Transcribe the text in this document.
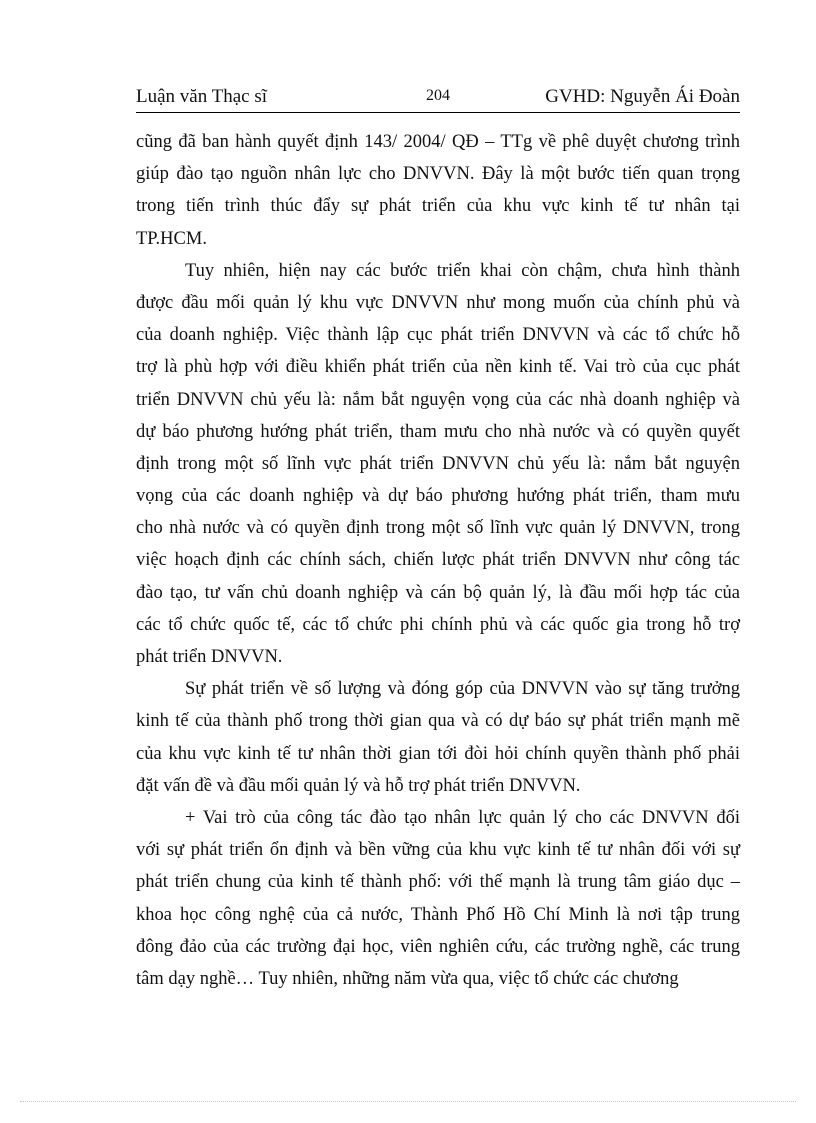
Luận văn Thạc sĩ	204	GVHD: Nguyễn Ái Đoàn
cũng đã ban hành quyết định 143/ 2004/ QĐ – TTg về phê duyệt chương trình
giúp đào tạo nguồn nhân lực cho DNVVN. Đây là một bước tiến quan trọng
trong tiến trình thúc đẩy sự phát triển của khu vực kinh tế tư nhân tại
TP.HCM.
Tuy nhiên, hiện nay các bước triển khai còn chậm, chưa hình thành
được đầu mối quản lý khu vực DNVVN như mong muốn của chính phủ và
của doanh nghiệp. Việc thành lập cục phát triển DNVVN và các tổ chức hỗ
trợ là phù hợp với điều khiển phát triển của nền kinh tế. Vai trò của cục phát
triển DNVVN chủ yếu là: nắm bắt nguyện vọng của các nhà doanh nghiệp và
dự báo phương hướng phát triển, tham mưu cho nhà nước và có quyền quyết
định trong một số lĩnh vực phát triển DNVVN chủ yếu là: nắm bắt nguyện
vọng của các doanh nghiệp và dự báo phương hướng phát triển, tham mưu
cho nhà nước và có quyền định trong một số lĩnh vực quản lý DNVVN, trong
việc hoạch định các chính sách, chiến lược phát triển DNVVN như công tác
đào tạo, tư vấn chủ doanh nghiệp và cán bộ quản lý, là đầu mối hợp tác của
các tổ chức quốc tế, các tổ chức phi chính phủ và các quốc gia trong hỗ trợ
phát triển DNVVN.
Sự phát triển về số lượng và đóng góp của DNVVN vào sự tăng trưởng
kinh tế của thành phố trong thời gian qua và có dự báo sự phát triển mạnh mẽ
của khu vực kinh tế tư nhân thời gian tới đòi hỏi chính quyền thành phố phải
đặt vấn đề và đầu mối quản lý và hỗ trợ phát triển DNVVN.
+ Vai trò của công tác đào tạo nhân lực quản lý cho các DNVVN đối
với sự phát triển ổn định và bền vững của khu vực kinh tế tư nhân đối với sự
phát triển chung của kinh tế thành phố: với thế mạnh là trung tâm giáo dục –
khoa học công nghệ của cả nước, Thành Phố Hồ Chí Minh là nơi tập trung
đông đảo của các trường đại học, viên nghiên cứu, các trường nghề, các trung
tâm dạy nghề… Tuy nhiên, những năm vừa qua, việc tổ chức các chương
